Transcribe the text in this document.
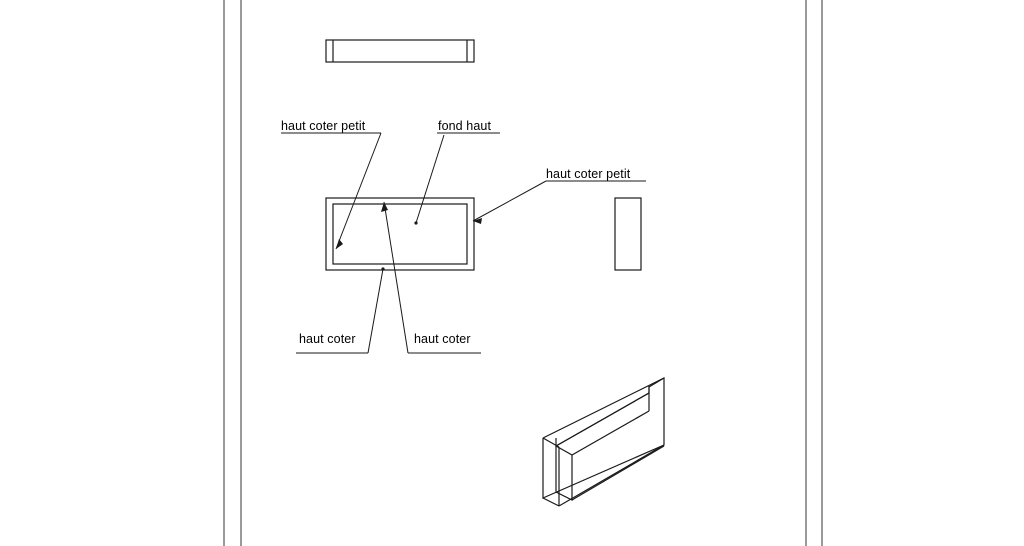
haut coter petit	fond haut
haut coter petit
haut coter	haut coter
